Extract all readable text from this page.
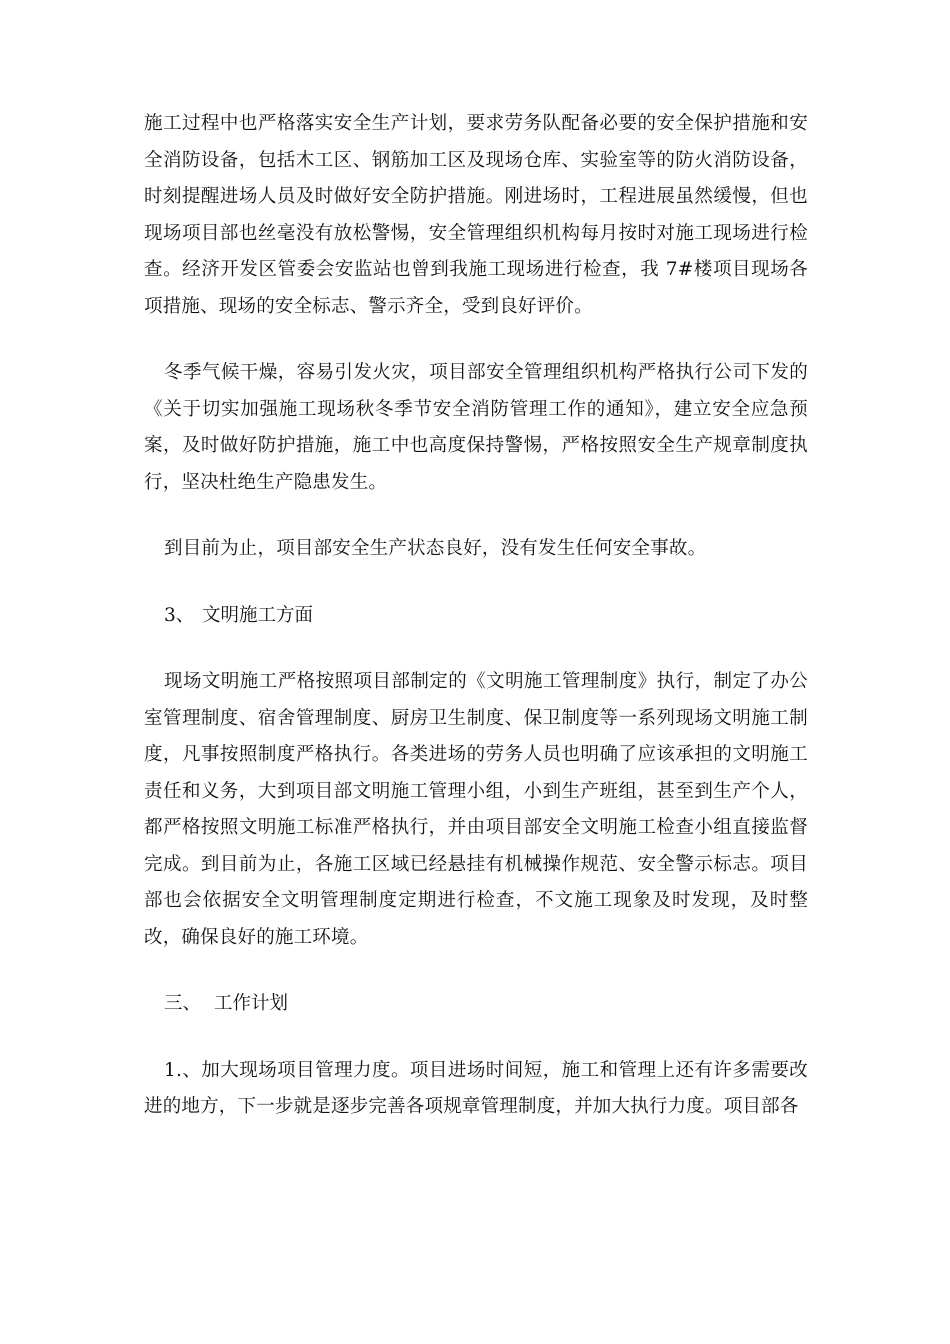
施工过程中也严格落实安全生产计划，要求劳务队配备必要的安全保护措施和安全消防设备，包括木工区、钢筋加工区及现场仓库、实验室等的防火消防设备，时刻提醒进场人员及时做好安全防护措施。刚进场时，工程进展虽然缓慢，但也现场项目部也丝毫没有放松警惕，安全管理组织机构每月按时对施工现场进行检查。经济开发区管委会安监站也曾到我施工现场进行检查，我 7#楼项目现场各项措施、现场的安全标志、警示齐全，受到良好评价。

冬季气候干燥，容易引发火灾，项目部安全管理组织机构严格执行公司下发的《关于切实加强施工现场秋冬季节安全消防管理工作的通知》，建立安全应急预案，及时做好防护措施，施工中也高度保持警惕，严格按照安全生产规章制度执行，坚决杜绝生产隐患发生。

到目前为止，项目部安全生产状态良好，没有发生任何安全事故。

3、 文明施工方面

现场文明施工严格按照项目部制定的《文明施工管理制度》执行，制定了办公室管理制度、宿舍管理制度、厨房卫生制度、保卫制度等一系列现场文明施工制度，凡事按照制度严格执行。各类进场的劳务人员也明确了应该承担的文明施工责任和义务，大到项目部文明施工管理小组，小到生产班组，甚至到生产个人，都严格按照文明施工标准严格执行，并由项目部安全文明施工检查小组直接监督完成。到目前为止，各施工区域已经悬挂有机械操作规范、安全警示标志。项目部也会依据安全文明管理制度定期进行检查，不文施工现象及时发现，及时整改，确保良好的施工环境。

三、 工作计划

1.、加大现场项目管理力度。项目进场时间短，施工和管理上还有许多需要改进的地方，下一步就是逐步完善各项规章管理制度，并加大执行力度。项目部各
